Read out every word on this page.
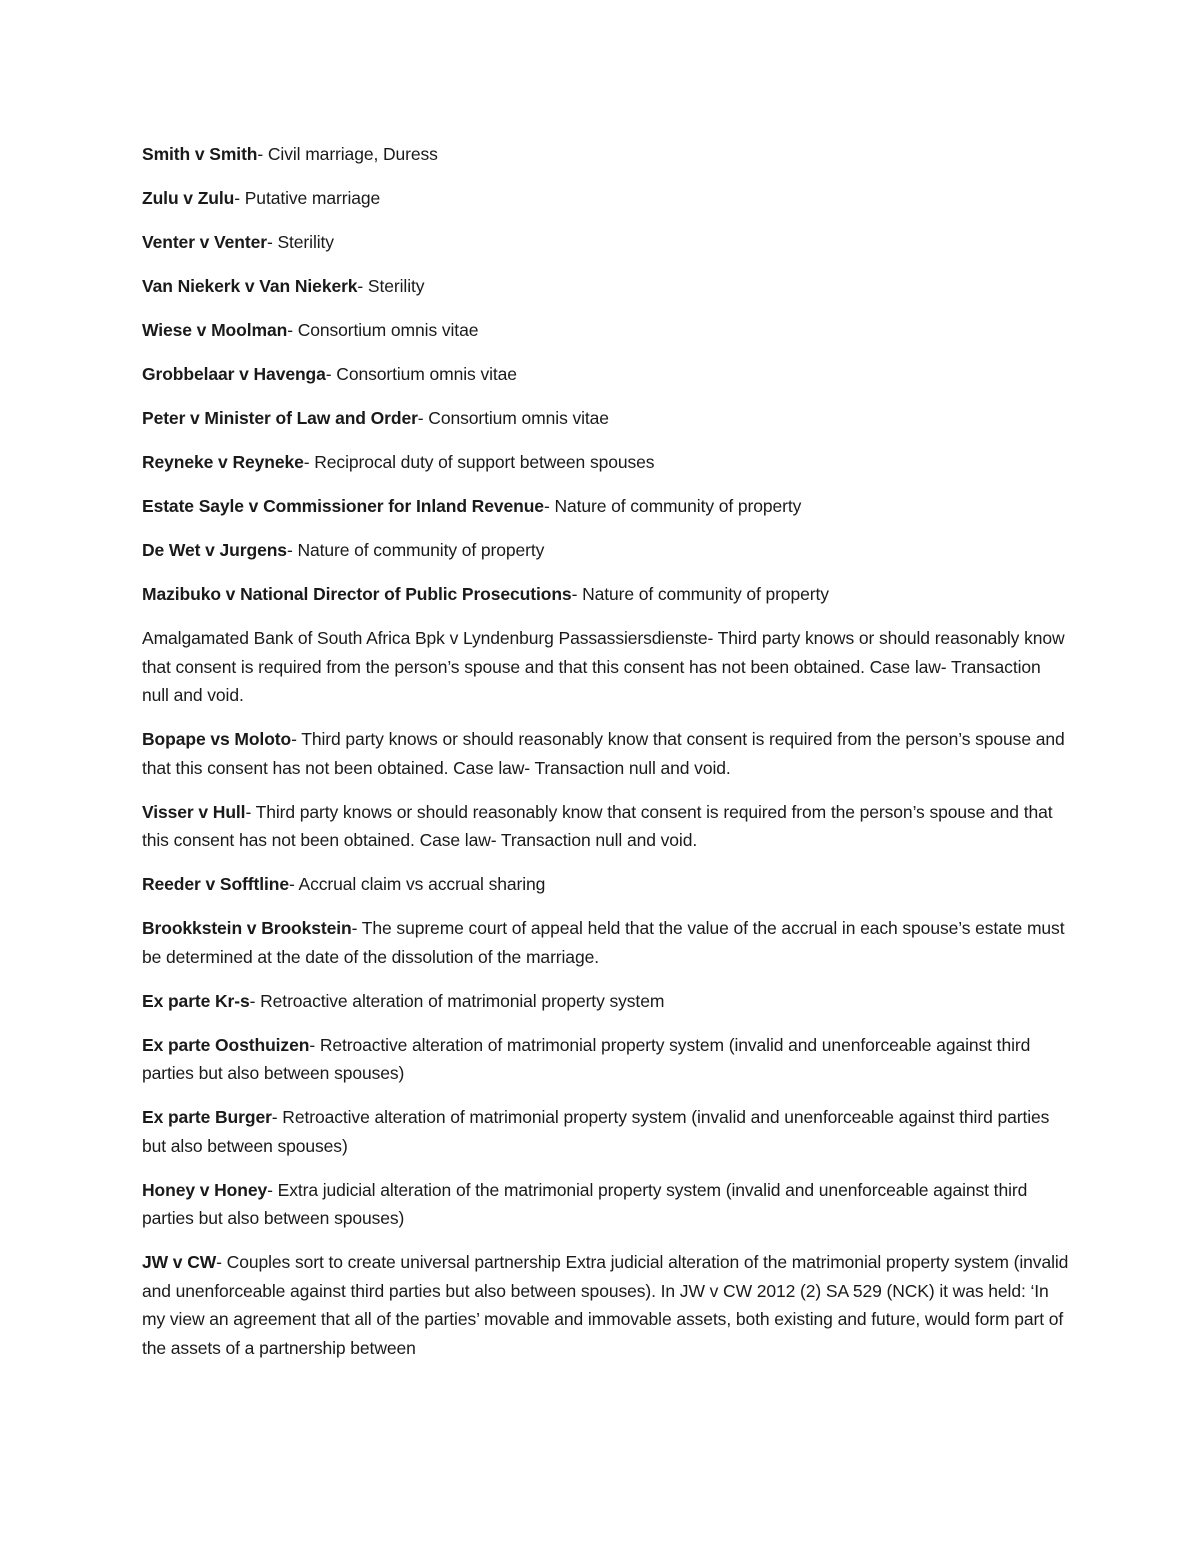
Smith v Smith- Civil marriage, Duress

Zulu v Zulu- Putative marriage

Venter v Venter- Sterility

Van Niekerk v Van Niekerk- Sterility

Wiese v Moolman- Consortium omnis vitae

Grobbelaar v Havenga- Consortium omnis vitae

Peter v Minister of Law and Order- Consortium omnis vitae

Reyneke v Reyneke- Reciprocal duty of support between spouses

Estate Sayle v Commissioner for Inland Revenue- Nature of community of property

De Wet v Jurgens- Nature of community of property

Mazibuko v National Director of Public Prosecutions- Nature of community of property

Amalgamated Bank of South Africa Bpk v Lyndenburg Passassiersdienste- Third party knows or should reasonably know that consent is required from the person’s spouse and that this consent has not been obtained. Case law- Transaction null and void.

Bopape vs Moloto- Third party knows or should reasonably know that consent is required from the person’s spouse and that this consent has not been obtained. Case law- Transaction null and void.

Visser v Hull- Third party knows or should reasonably know that consent is required from the person’s spouse and that this consent has not been obtained. Case law- Transaction null and void.

Reeder v Sofftline- Accrual claim vs accrual sharing

Brookkstein v Brookstein- The supreme court of appeal held that the value of the accrual in each spouse’s estate must be determined at the date of the dissolution of the marriage.

Ex parte Kr-s- Retroactive alteration of matrimonial property system

Ex parte Oosthuizen- Retroactive alteration of matrimonial property system (invalid and unenforceable against third parties but also between spouses)

Ex parte Burger- Retroactive alteration of matrimonial property system (invalid and unenforceable against third parties but also between spouses)

Honey v Honey- Extra judicial alteration of the matrimonial property system (invalid and unenforceable against third parties but also between spouses)

JW v CW- Couples sort to create universal partnership Extra judicial alteration of the matrimonial property system (invalid and unenforceable against third parties but also between spouses). In JW v CW 2012 (2) SA 529 (NCK) it was held: ‘In my view an agreement that all of the parties’ movable and immovable assets, both existing and future, would form part of the assets of a partnership between
